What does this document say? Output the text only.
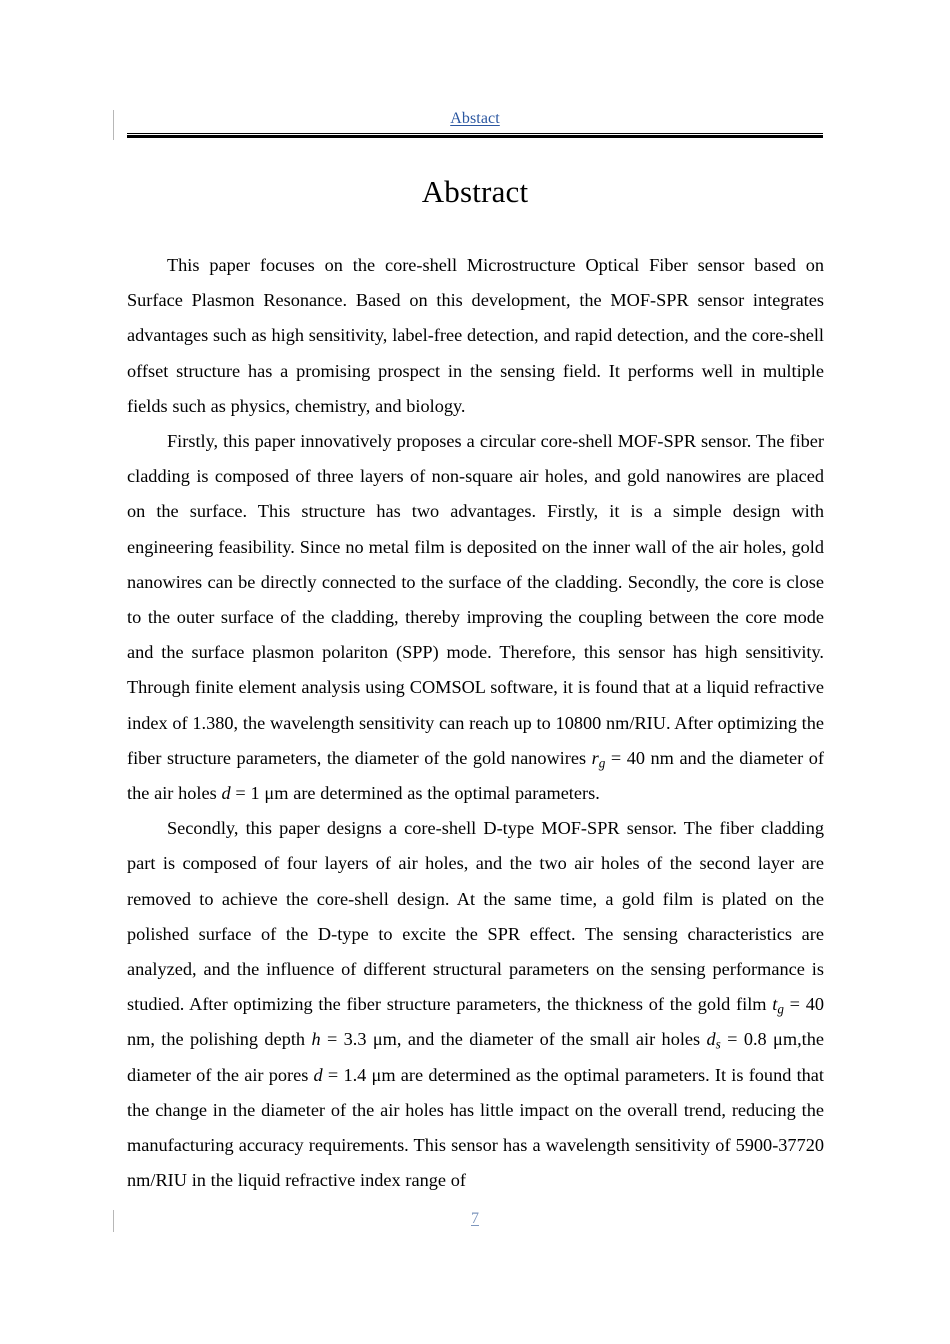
Abstact
Abstract

This paper focuses on the core-shell Microstructure Optical Fiber sensor based on Surface Plasmon Resonance. Based on this development, the MOF-SPR sensor integrates advantages such as high sensitivity, label-free detection, and rapid detection, and the core-shell offset structure has a promising prospect in the sensing field. It performs well in multiple fields such as physics, chemistry, and biology.

Firstly, this paper innovatively proposes a circular core-shell MOF-SPR sensor. The fiber cladding is composed of three layers of non-square air holes, and gold nanowires are placed on the surface. This structure has two advantages. Firstly, it is a simple design with engineering feasibility. Since no metal film is deposited on the inner wall of the air holes, gold nanowires can be directly connected to the surface of the cladding. Secondly, the core is close to the outer surface of the cladding, thereby improving the coupling between the core mode and the surface plasmon polariton (SPP) mode. Therefore, this sensor has high sensitivity. Through finite element analysis using COMSOL software, it is found that at a liquid refractive index of 1.380, the wavelength sensitivity can reach up to 10800 nm/RIU. After optimizing the fiber structure parameters, the diameter of the gold nanowires $r_g = 40$ nm and the diameter of the air holes d = 1 μm are determined as the optimal parameters.

Secondly, this paper designs a core-shell D-type MOF-SPR sensor. The fiber cladding part is composed of four layers of air holes, and the two air holes of the second layer are removed to achieve the core-shell design. At the same time, a gold film is plated on the polished surface of the D-type to excite the SPR effect. The sensing characteristics are analyzed, and the influence of different structural parameters on the sensing performance is studied. After optimizing the fiber structure parameters, the thickness of the gold film $t_g = 40$ nm, the polishing depth h = 3.3 μm, and the diameter of the small air holes $d_s = 0.8$ μm,the diameter of the air pores d = 1.4 μm are determined as the optimal parameters. It is found that the change in the diameter of the air holes has little impact on the overall trend, reducing the manufacturing accuracy requirements. This sensor has a wavelength sensitivity of 5900-37720 nm/RIU in the liquid refractive index range of

7
